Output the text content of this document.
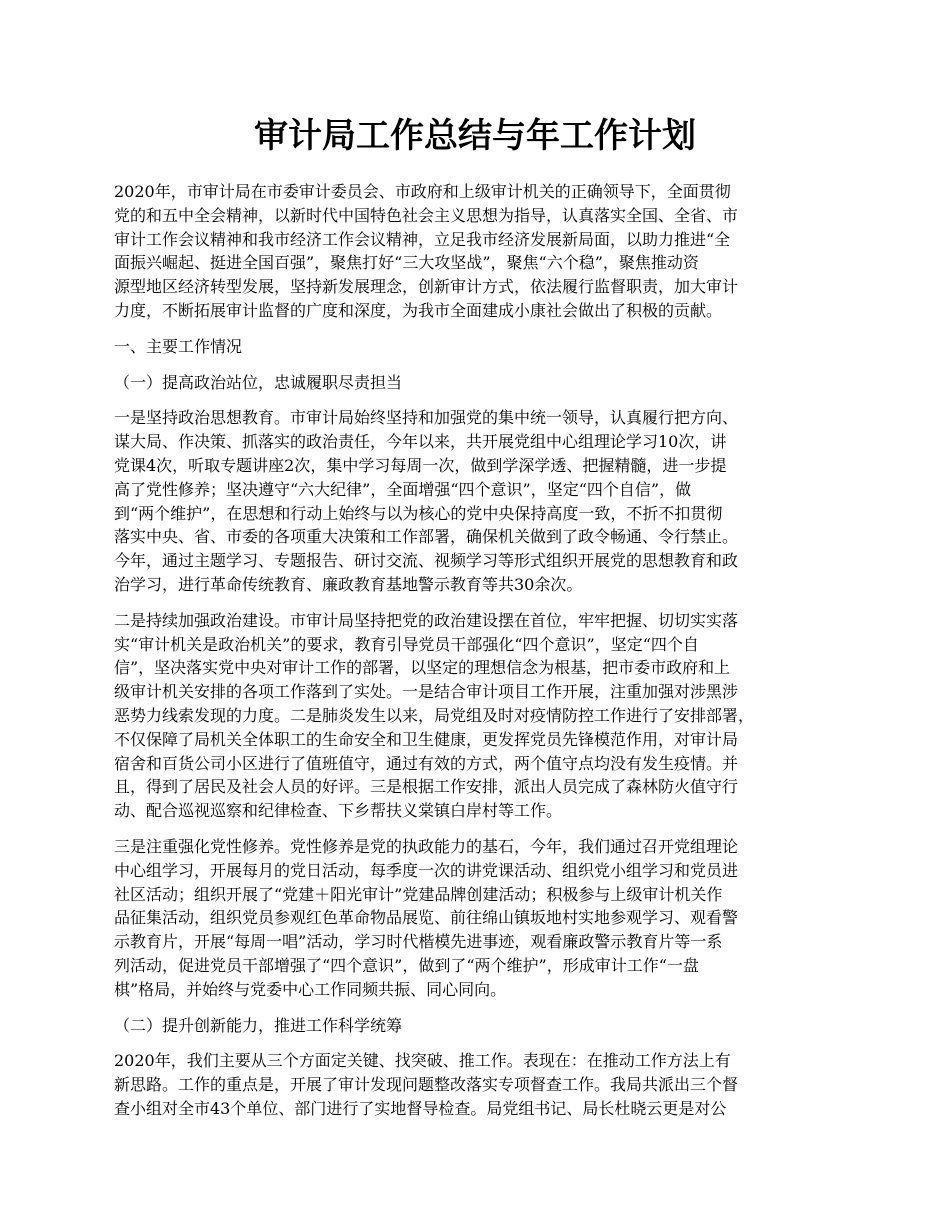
审计局工作总结与年工作计划

2020年，市审计局在市委审计委员会、市政府和上级审计机关的正确领导下，全面贯彻
党的和五中全会精神，以新时代中国特色社会主义思想为指导，认真落实全国、全省、市
审计工作会议精神和我市经济工作会议精神，立足我市经济发展新局面，以助力推进“全
面振兴崛起、挺进全国百强”，聚焦打好“三大攻坚战”，聚焦“六个稳”，聚焦推动资
源型地区经济转型发展，坚持新发展理念，创新审计方式，依法履行监督职责，加大审计
力度，不断拓展审计监督的广度和深度，为我市全面建成小康社会做出了积极的贡献。

一、主要工作情况

（一）提高政治站位，忠诚履职尽责担当

一是坚持政治思想教育。市审计局始终坚持和加强党的集中统一领导，认真履行把方向、
谋大局、作决策、抓落实的政治责任，今年以来，共开展党组中心组理论学习10次，讲
党课4次，听取专题讲座2次，集中学习每周一次，做到学深学透、把握精髓，进一步提
高了党性修养；坚决遵守“六大纪律”，全面增强“四个意识”，坚定“四个自信”，做
到“两个维护”，在思想和行动上始终与以为核心的党中央保持高度一致，不折不扣贯彻
落实中央、省、市委的各项重大决策和工作部署，确保机关做到了政令畅通、令行禁止。
今年，通过主题学习、专题报告、研讨交流、视频学习等形式组织开展党的思想教育和政
治学习，进行革命传统教育、廉政教育基地警示教育等共30余次。

二是持续加强政治建设。市审计局坚持把党的政治建设摆在首位，牢牢把握、切切实实落
实“审计机关是政治机关”的要求，教育引导党员干部强化“四个意识”，坚定“四个自
信”，坚决落实党中央对审计工作的部署，以坚定的理想信念为根基，把市委市政府和上
级审计机关安排的各项工作落到了实处。一是结合审计项目工作开展，注重加强对涉黑涉
恶势力线索发现的力度。二是肺炎发生以来，局党组及时对疫情防控工作进行了安排部署，
不仅保障了局机关全体职工的生命安全和卫生健康，更发挥党员先锋模范作用，对审计局
宿舍和百货公司小区进行了值班值守，通过有效的方式，两个值守点均没有发生疫情。并
且，得到了居民及社会人员的好评。三是根据工作安排，派出人员完成了森林防火值守行
动、配合巡视巡察和纪律检查、下乡帮扶义棠镇白岸村等工作。

三是注重强化党性修养。党性修养是党的执政能力的基石，今年，我们通过召开党组理论
中心组学习，开展每月的党日活动，每季度一次的讲党课活动、组织党小组学习和党员进
社区活动；组织开展了“党建＋阳光审计”党建品牌创建活动；积极参与上级审计机关作
品征集活动，组织党员参观红色革命物品展览、前往绵山镇坂地村实地参观学习、观看警
示教育片，开展“每周一唱”活动，学习时代楷模先进事迹，观看廉政警示教育片等一系
列活动，促进党员干部增强了“四个意识”，做到了“两个维护”，形成审计工作“一盘
棋”格局，并始终与党委中心工作同频共振、同心同向。

（二）提升创新能力，推进工作科学统筹

2020年，我们主要从三个方面定关键、找突破、推工作。表现在：在推动工作方法上有
新思路。工作的重点是，开展了审计发现问题整改落实专项督查工作。我局共派出三个督
查小组对全市43个单位、部门进行了实地督导检查。局党组书记、局长杜晓云更是对公
